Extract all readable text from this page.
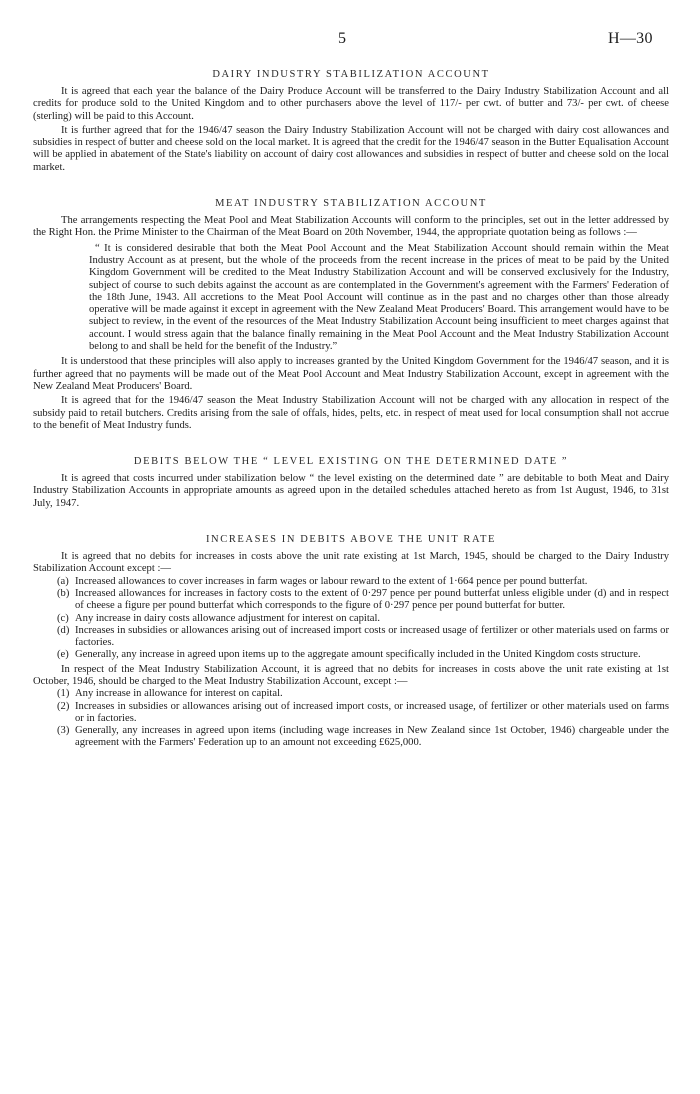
5	H—30
DAIRY INDUSTRY STABILIZATION ACCOUNT

It is agreed that each year the balance of the Dairy Produce Account will be transferred to the Dairy Industry Stabilization Account and all credits for produce sold to the United Kingdom and to other purchasers above the level of 117/- per cwt. of butter and 73/- per cwt. of cheese (sterling) will be paid to this Account.

It is further agreed that for the 1946/47 season the Dairy Industry Stabilization Account will not be charged with dairy cost allowances and subsidies in respect of butter and cheese sold on the local market. It is agreed that the credit for the 1946/47 season in the Butter Equalisation Account will be applied in abatement of the State's liability on account of dairy cost allowances and subsidies in respect of butter and cheese sold on the local market.

MEAT INDUSTRY STABILIZATION ACCOUNT

The arrangements respecting the Meat Pool and Meat Stabilization Accounts will conform to the principles, set out in the letter addressed by the Right Hon. the Prime Minister to the Chairman of the Meat Board on 20th November, 1944, the appropriate quotation being as follows :—

“ It is considered desirable that both the Meat Pool Account and the Meat Stabilization Account should remain within the Meat Industry Account as at present, but the whole of the proceeds from the recent increase in the prices of meat to be paid by the United Kingdom Government will be credited to the Meat Industry Stabilization Account and will be conserved exclusively for the Industry, subject of course to such debits against the account as are contemplated in the Government's agreement with the Farmers' Federation of the 18th June, 1943. All accretions to the Meat Pool Account will continue as in the past and no charges other than those already operative will be made against it except in agreement with the New Zealand Meat Producers' Board. This arrangement would have to be subject to review, in the event of the resources of the Meat Industry Stabilization Account being insufficient to meet charges against that account. I would stress again that the balance finally remaining in the Meat Pool Account and the Meat Industry Stabilization Account belong to and shall be held for the benefit of the Industry.”

It is understood that these principles will also apply to increases granted by the United Kingdom Government for the 1946/47 season, and it is further agreed that no payments will be made out of the Meat Pool Account and Meat Industry Stabilization Account, except in agreement with the New Zealand Meat Producers' Board.

It is agreed that for the 1946/47 season the Meat Industry Stabilization Account will not be charged with any allocation in respect of the subsidy paid to retail butchers. Credits arising from the sale of offals, hides, pelts, etc. in respect of meat used for local consumption shall not accrue to the benefit of Meat Industry funds.

DEBITS BELOW THE “ LEVEL EXISTING ON THE DETERMINED DATE ”

It is agreed that costs incurred under stabilization below “ the level existing on the determined date ” are debitable to both Meat and Dairy Industry Stabilization Accounts in appropriate amounts as agreed upon in the detailed schedules attached hereto as from 1st August, 1946, to 31st July, 1947.

INCREASES IN DEBITS ABOVE THE UNIT RATE

It is agreed that no debits for increases in costs above the unit rate existing at 1st March, 1945, should be charged to the Dairy Industry Stabilization Account except :—

(a) Increased allowances to cover increases in farm wages or labour reward to the extent of 1·664 pence per pound butterfat.

(b) Increased allowances for increases in factory costs to the extent of 0·297 pence per pound butterfat unless eligible under (d) and in respect of cheese a figure per pound butterfat which corresponds to the figure of 0·297 pence per pound butterfat for butter.

(c) Any increase in dairy costs allowance adjustment for interest on capital.

(d) Increases in subsidies or allowances arising out of increased import costs or increased usage of fertilizer or other materials used on farms or factories.

(e) Generally, any increase in agreed upon items up to the aggregate amount specifically included in the United Kingdom costs structure.

In respect of the Meat Industry Stabilization Account, it is agreed that no debits for increases in costs above the unit rate existing at 1st October, 1946, should be charged to the Meat Industry Stabilization Account, except :—

(1) Any increase in allowance for interest on capital.

(2) Increases in subsidies or allowances arising out of increased import costs, or increased usage, of fertilizer or other materials used on farms or in factories.

(3) Generally, any increases in agreed upon items (including wage increases in New Zealand since 1st October, 1946) chargeable under the agreement with the Farmers' Federation up to an amount not exceeding £625,000.
